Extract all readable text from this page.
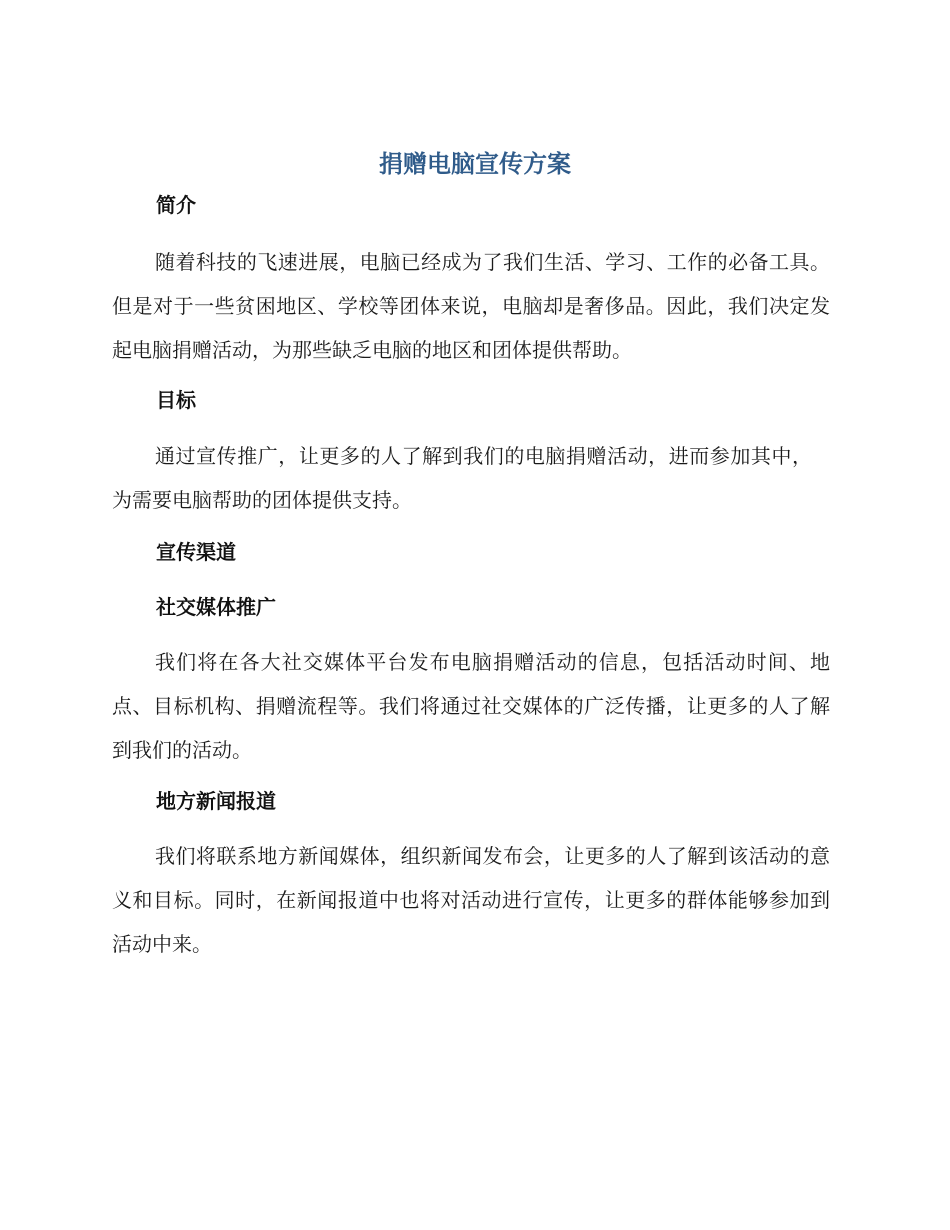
捐赠电脑宣传方案
简介

随着科技的飞速进展，电脑已经成为了我们生活、学习、工作的必备工具。但是对于一些贫困地区、学校等团体来说，电脑却是奢侈品。因此，我们决定发起电脑捐赠活动，为那些缺乏电脑的地区和团体提供帮助。

目标

通过宣传推广，让更多的人了解到我们的电脑捐赠活动，进而参加其中，为需要电脑帮助的团体提供支持。

宣传渠道
社交媒体推广

我们将在各大社交媒体平台发布电脑捐赠活动的信息，包括活动时间、地点、目标机构、捐赠流程等。我们将通过社交媒体的广泛传播，让更多的人了解到我们的活动。

地方新闻报道

我们将联系地方新闻媒体，组织新闻发布会，让更多的人了解到该活动的意义和目标。同时，在新闻报道中也将对活动进行宣传，让更多的群体能够参加到活动中来。
